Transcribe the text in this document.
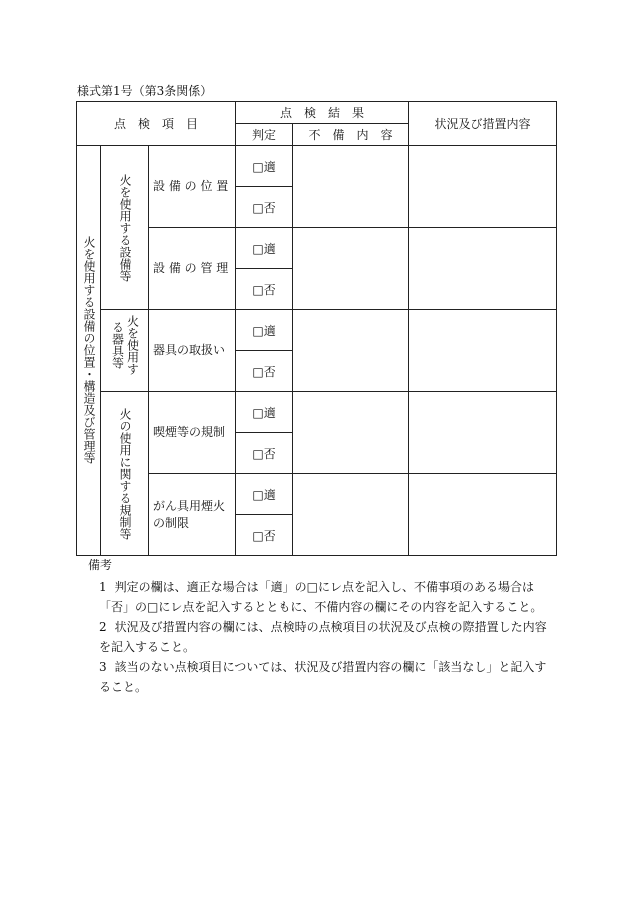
様式第1号（第3条関係）
点　検　項　目			点　検　結　果		状況及び措置内容
			判定	不　備　内　容	
火を使用する設備の位置・構造及び管理等	火を使用する設備等	設 備 の 位 置	□適		
			□否		
		設 備 の 管 理	□適		
			□否		
	火を使用する器具等	器具の取扱い	□適		
			□否		
	火の使用に関する規制等	喫煙等の規制	□適		
			□否		
		がん具用煙火の制限	□適		
			□否		
備考
1 判定の欄は、適正な場合は「適」の□にレ点を記入し、不備事項のある場合は「否」の□にレ点を記入するとともに、不備内容の欄にその内容を記入すること。
2 状況及び措置内容の欄には、点検時の点検項目の状況及び点検の際措置した内容を記入すること。
3 該当のない点検項目については、状況及び措置内容の欄に「該当なし」と記入すること。
